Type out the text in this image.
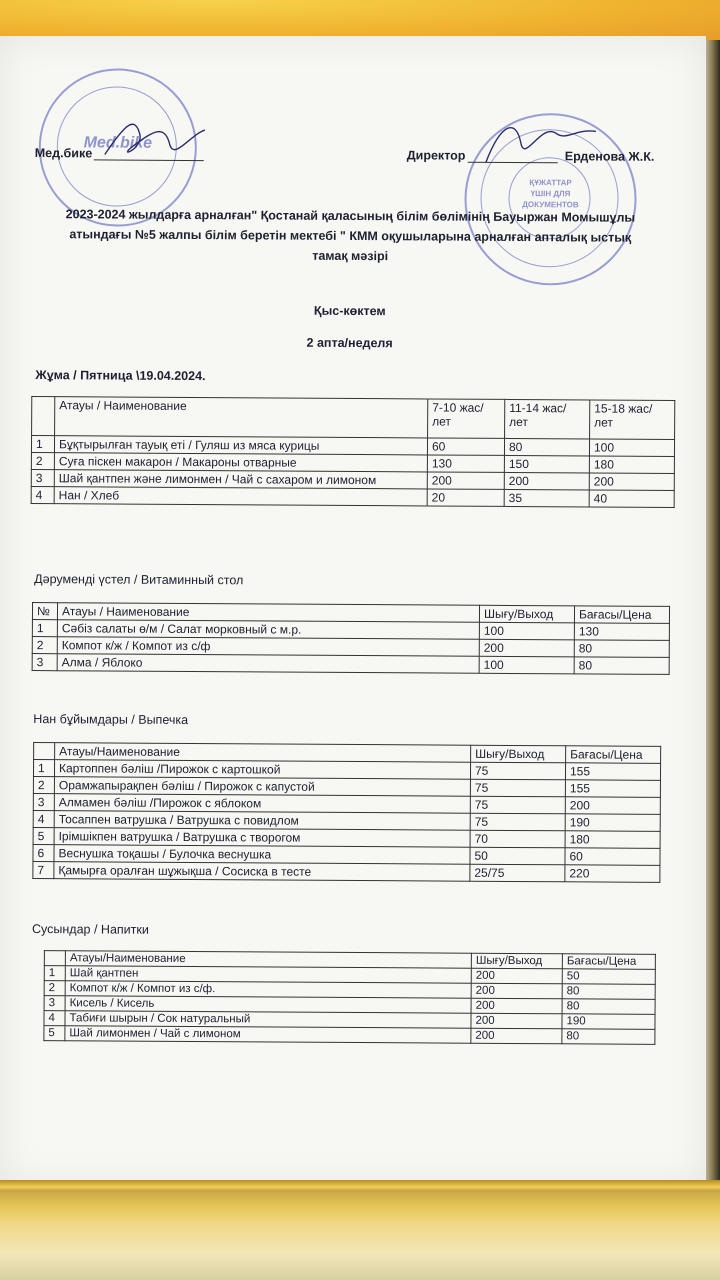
Med.bike
ҚҰЖАТТАР ҮШІН ДЛЯ ДОКУМЕНТОВ
Мед.бике	Директор	Ерденова Ж.К.
2023-2024 жылдарға арналған" Қостанай қаласының білім бөлімінің Бауыржан Момышұлы
атындағы №5 жалпы білім беретін мектебі " КММ оқушыларына арналған апталық ыстық
тамақ мәзірі
Қыс-көктем
2 апта/неделя
Жұма / Пятница \19.04.2024.
	Атауы / Наименование	7-10 жас/ лет	11-14 жас/ лет	15-18 жас/ лет
1	Бұқтырылған тауық еті / Гуляш из мяса курицы	60	80	100
2	Суға піскен макарон / Макароны отварные	130	150	180
3	Шай қантпен және лимонмен / Чай с сахаром и лимоном	200	200	200
4	Нан / Хлеб	20	35	40
Дәруменді үстел / Витаминный стол
№	Атауы / Наименование	Шығу/Выход	Бағасы/Цена
1	Сәбіз салаты ө/м / Салат морковный с м.р.	100	130
2	Компот к/ж / Компот из с/ф	200	80
3	Алма / Яблоко	100	80
Нан бұйымдары / Выпечка
	Атауы/Наименование	Шығу/Выход	Бағасы/Цена
1	Картоппен бәліш /Пирожок с картошкой	75	155
2	Орамжапырақпен бәліш / Пирожок с капустой	75	155
3	Алмамен бәліш /Пирожок с яблоком	75	200
4	Тосаппен ватрушка / Ватрушка с повидлом	75	190
5	Ірімшікпен ватрушка / Ватрушка с творогом	70	180
6	Веснушка тоқашы / Булочка веснушка	50	60
7	Қамырға оралған шұжықша / Сосиска в тесте	25/75	220
Сусындар / Напитки
	Атауы/Наименование	Шығу/Выход	Бағасы/Цена
1	Шай қантпен	200	50
2	Компот к/ж / Компот из с/ф.	200	80
3	Кисель / Кисель	200	80
4	Табиғи шырын / Сок натуральный	200	190
5	Шай лимонмен / Чай с лимоном	200	80
